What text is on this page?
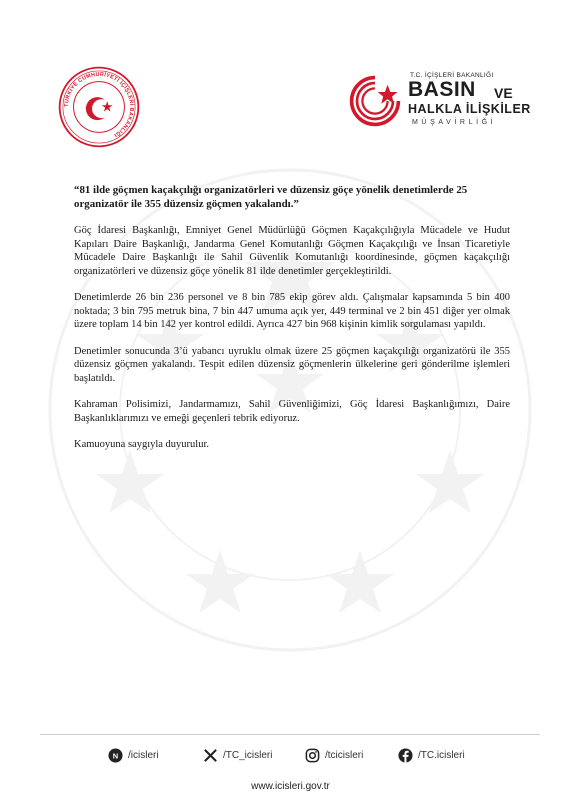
TÜRKİYE CUMHURİYETİ İÇİŞLERİ BAKANLIĞI
T.C. İÇİŞLERİ BAKANLIĞI
BASIN VE
HALKLA İLİŞKİLER
MÜŞAVİRLİĞİ
“81 ilde göçmen kaçakçılığı organizatörleri ve düzensiz göçe yönelik denetimlerde 25 organizatör ile 355 düzensiz göçmen yakalandı.”

Göç İdaresi Başkanlığı, Emniyet Genel Müdürlüğü Göçmen Kaçakçılığıyla Mücadele ve Hudut Kapıları Daire Başkanlığı, Jandarma Genel Komutanlığı Göçmen Kaçakçılığı ve İnsan Ticaretiyle Mücadele Daire Başkanlığı ile Sahil Güvenlik Komutanlığı koordinesinde, göçmen kaçakçılığı organizatörleri ve düzensiz göçe yönelik 81 ilde denetimler gerçekleştirildi.

Denetimlerde 26 bin 236 personel ve 8 bin 785 ekip görev aldı. Çalışmalar kapsamında 5 bin 400 noktada; 3 bin 795 metruk bina, 7 bin 447 umuma açık yer, 449 terminal ve 2 bin 451 diğer yer olmak üzere toplam 14 bin 142 yer kontrol edildi. Ayrıca 427 bin 968 kişinin kimlik sorgulaması yapıldı.

Denetimler sonucunda 3’ü yabancı uyruklu olmak üzere 25 göçmen kaçakçılığı organizatörü ile 355 düzensiz göçmen yakalandı. Tespit edilen düzensiz göçmenlerin ülkelerine geri gönderilme işlemleri başlatıldı.

Kahraman Polisimizi, Jandarmamızı, Sahil Güvenliğimizi, Göç İdaresi Başkanlığımızı, Daire Başkanlıklarımızı ve emeği geçenleri tebrik ediyoruz.

Kamuoyuna saygıyla duyurulur.

N /icisleri	/TC_icisleri	/tcicisleri	/TC.icisleri
www.icisleri.gov.tr
